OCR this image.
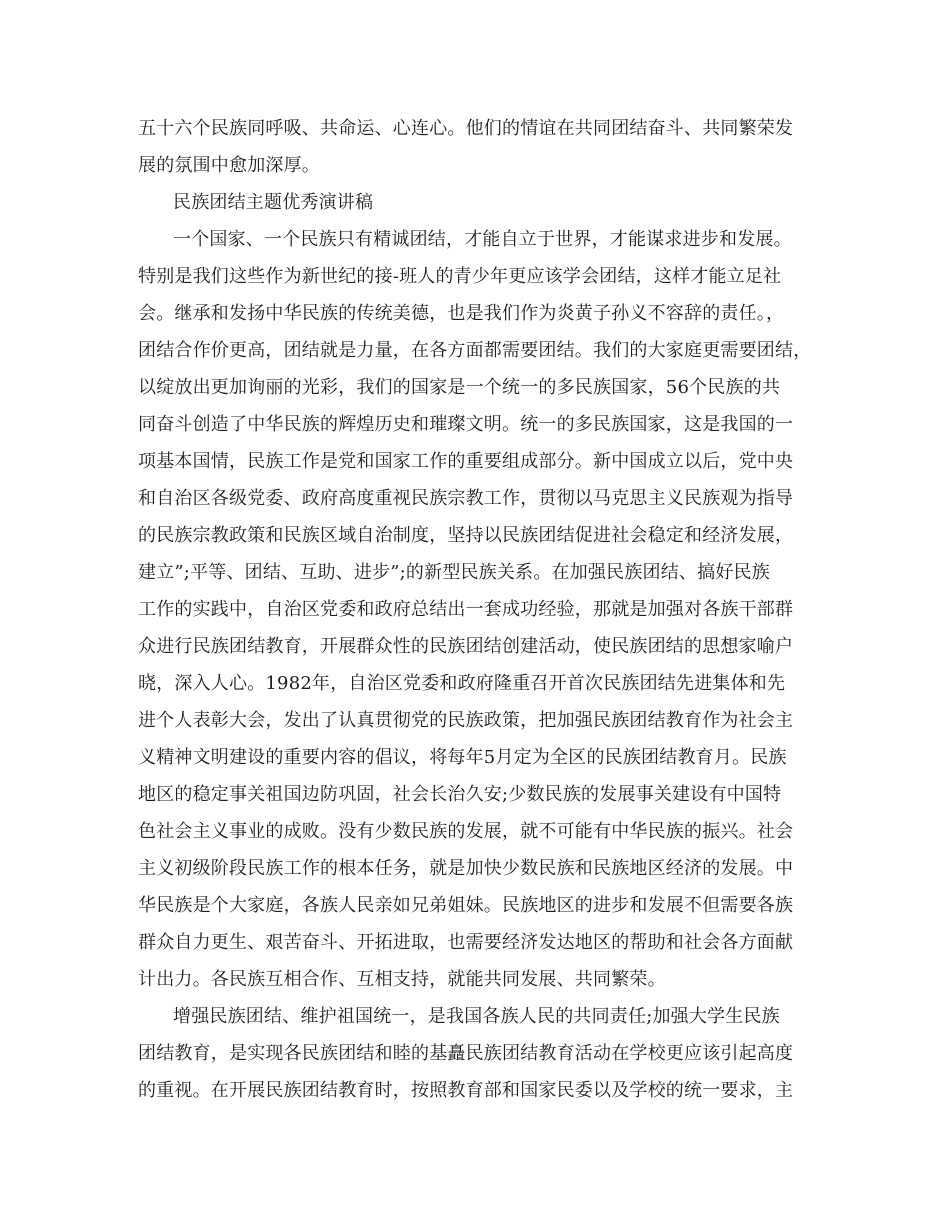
五十六个民族同呼吸、共命运、心连心。他们的情谊在共同团结奋斗、共同繁荣发
展的氛围中愈加深厚。
民族团结主题优秀演讲稿
一个国家、一个民族只有精诚团结，才能自立于世界，才能谋求进步和发展。
特别是我们这些作为新世纪的接-班人的青少年更应该学会团结，这样才能立足社
会。继承和发扬中华民族的传统美德，也是我们作为炎黄子孙义不容辞的责任。，
团结合作价更高，团结就是力量，在各方面都需要团结。我们的大家庭更需要团结，
以绽放出更加询丽的光彩，我们的国家是一个统一的多民族国家，56个民族的共
同奋斗创造了中华民族的辉煌历史和璀璨文明。统一的多民族国家，这是我国的一
项基本国情，民族工作是党和国家工作的重要组成部分。新中国成立以后，党中央
和自治区各级党委、政府高度重视民族宗教工作，贯彻以马克思主义民族观为指导
的民族宗教政策和民族区域自治制度，坚持以民族团结促进社会稳定和经济发展，
建立”;平等、团结、互助、进步”;的新型民族关系。在加强民族团结、搞好民族
工作的实践中，自治区党委和政府总结出一套成功经验，那就是加强对各族干部群
众进行民族团结教育，开展群众性的民族团结创建活动，使民族团结的思想家喻户
晓，深入人心。1982年，自治区党委和政府隆重召开首次民族团结先进集体和先
进个人表彰大会，发出了认真贯彻党的民族政策，把加强民族团结教育作为社会主
义精神文明建设的重要内容的倡议，将每年5月定为全区的民族团结教育月。民族
地区的稳定事关祖国边防巩固，社会长治久安;少数民族的发展事关建设有中国特
色社会主义事业的成败。没有少数民族的发展，就不可能有中华民族的振兴。社会
主义初级阶段民族工作的根本任务，就是加快少数民族和民族地区经济的发展。中
华民族是个大家庭，各族人民亲如兄弟姐妹。民族地区的进步和发展不但需要各族
群众自力更生、艰苦奋斗、开拓进取，也需要经济发达地区的帮助和社会各方面献
计出力。各民族互相合作、互相支持，就能共同发展、共同繁荣。
增强民族团结、维护祖国统一，是我国各族人民的共同责任;加强大学生民族
团结教育，是实现各民族团结和睦的基矗民族团结教育活动在学校更应该引起高度
的重视。在开展民族团结教育时，按照教育部和国家民委以及学校的统一要求，主
